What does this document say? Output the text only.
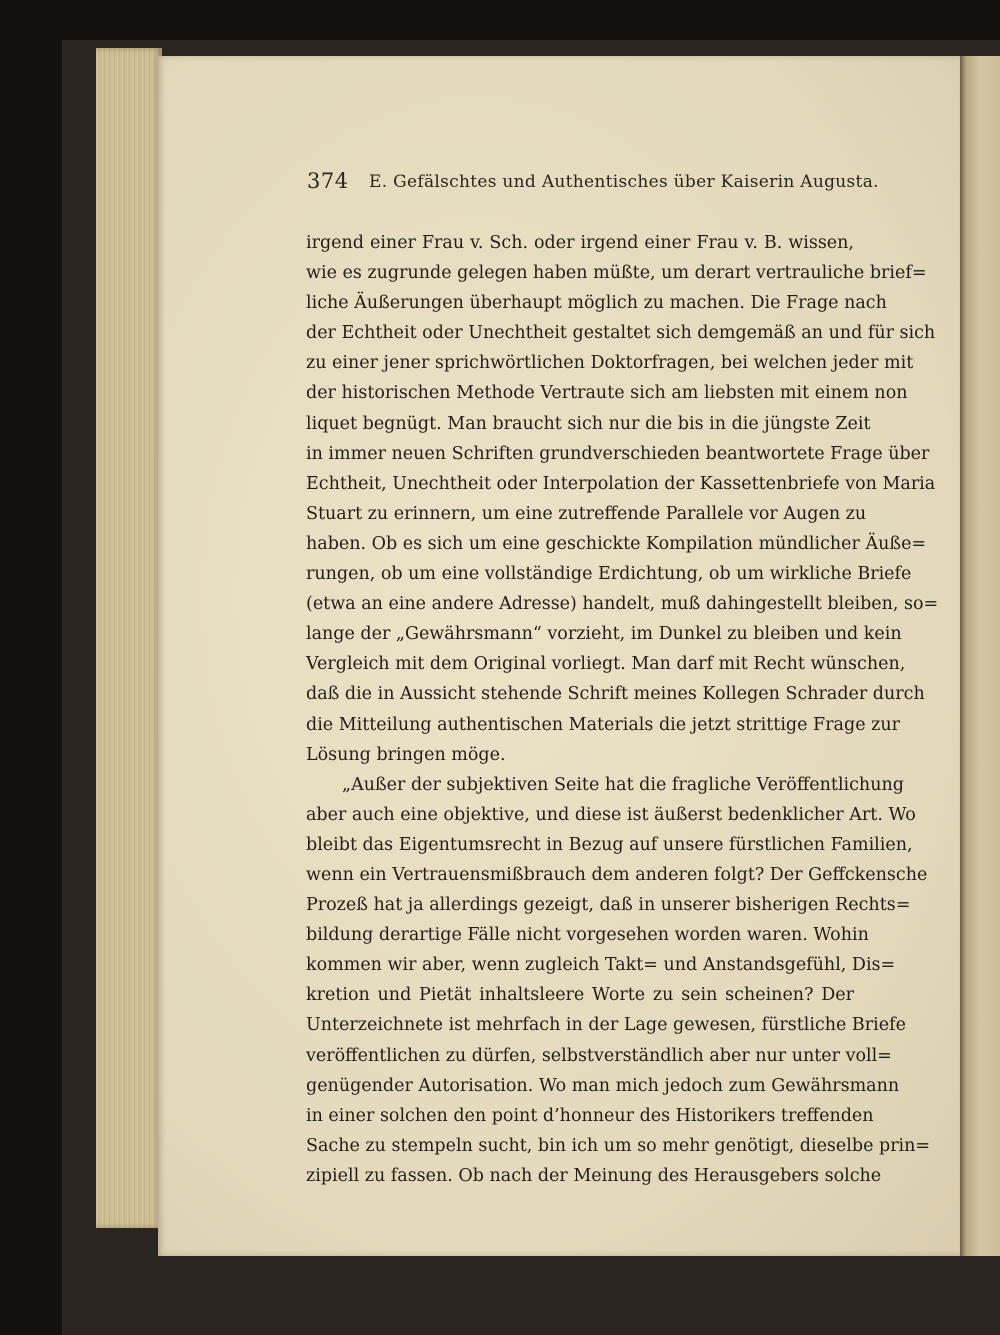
374 E. Gefälschtes und Authentisches über Kaiserin Augusta.
irgend einer Frau v. Sch. oder irgend einer Frau v. B. wissen,
wie es zugrunde gelegen haben müßte, um derart vertrauliche brief=
liche Äußerungen überhaupt möglich zu machen. Die Frage nach
der Echtheit oder Unechtheit gestaltet sich demgemäß an und für sich
zu einer jener sprichwörtlichen Doktorfragen, bei welchen jeder mit
der historischen Methode Vertraute sich am liebsten mit einem non
liquet begnügt. Man braucht sich nur die bis in die jüngste Zeit
in immer neuen Schriften grundverschieden beantwortete Frage über
Echtheit, Unechtheit oder Interpolation der Kassettenbriefe von Maria
Stuart zu erinnern, um eine zutreffende Parallele vor Augen zu
haben. Ob es sich um eine geschickte Kompilation mündlicher Äuße=
rungen, ob um eine vollständige Erdichtung, ob um wirkliche Briefe
(etwa an eine andere Adresse) handelt, muß dahingestellt bleiben, so=
lange der „Gewährsmann“ vorzieht, im Dunkel zu bleiben und kein
Vergleich mit dem Original vorliegt. Man darf mit Recht wünschen,
daß die in Aussicht stehende Schrift meines Kollegen Schrader durch
die Mitteilung authentischen Materials die jetzt strittige Frage zur
Lösung bringen möge.
„Außer der subjektiven Seite hat die fragliche Veröffentlichung
aber auch eine objektive, und diese ist äußerst bedenklicher Art. Wo
bleibt das Eigentumsrecht in Bezug auf unsere fürstlichen Familien,
wenn ein Vertrauensmißbrauch dem anderen folgt? Der Geffckensche
Prozeß hat ja allerdings gezeigt, daß in unserer bisherigen Rechts=
bildung derartige Fälle nicht vorgesehen worden waren. Wohin
kommen wir aber, wenn zugleich Takt= und Anstandsgefühl, Dis=
kretion und Pietät inhaltsleere Worte zu sein scheinen? Der
Unterzeichnete ist mehrfach in der Lage gewesen, fürstliche Briefe
veröffentlichen zu dürfen, selbstverständlich aber nur unter voll=
genügender Autorisation. Wo man mich jedoch zum Gewährsmann
in einer solchen den point d’honneur des Historikers treffenden
Sache zu stempeln sucht, bin ich um so mehr genötigt, dieselbe prin=
zipiell zu fassen. Ob nach der Meinung des Herausgebers solche
